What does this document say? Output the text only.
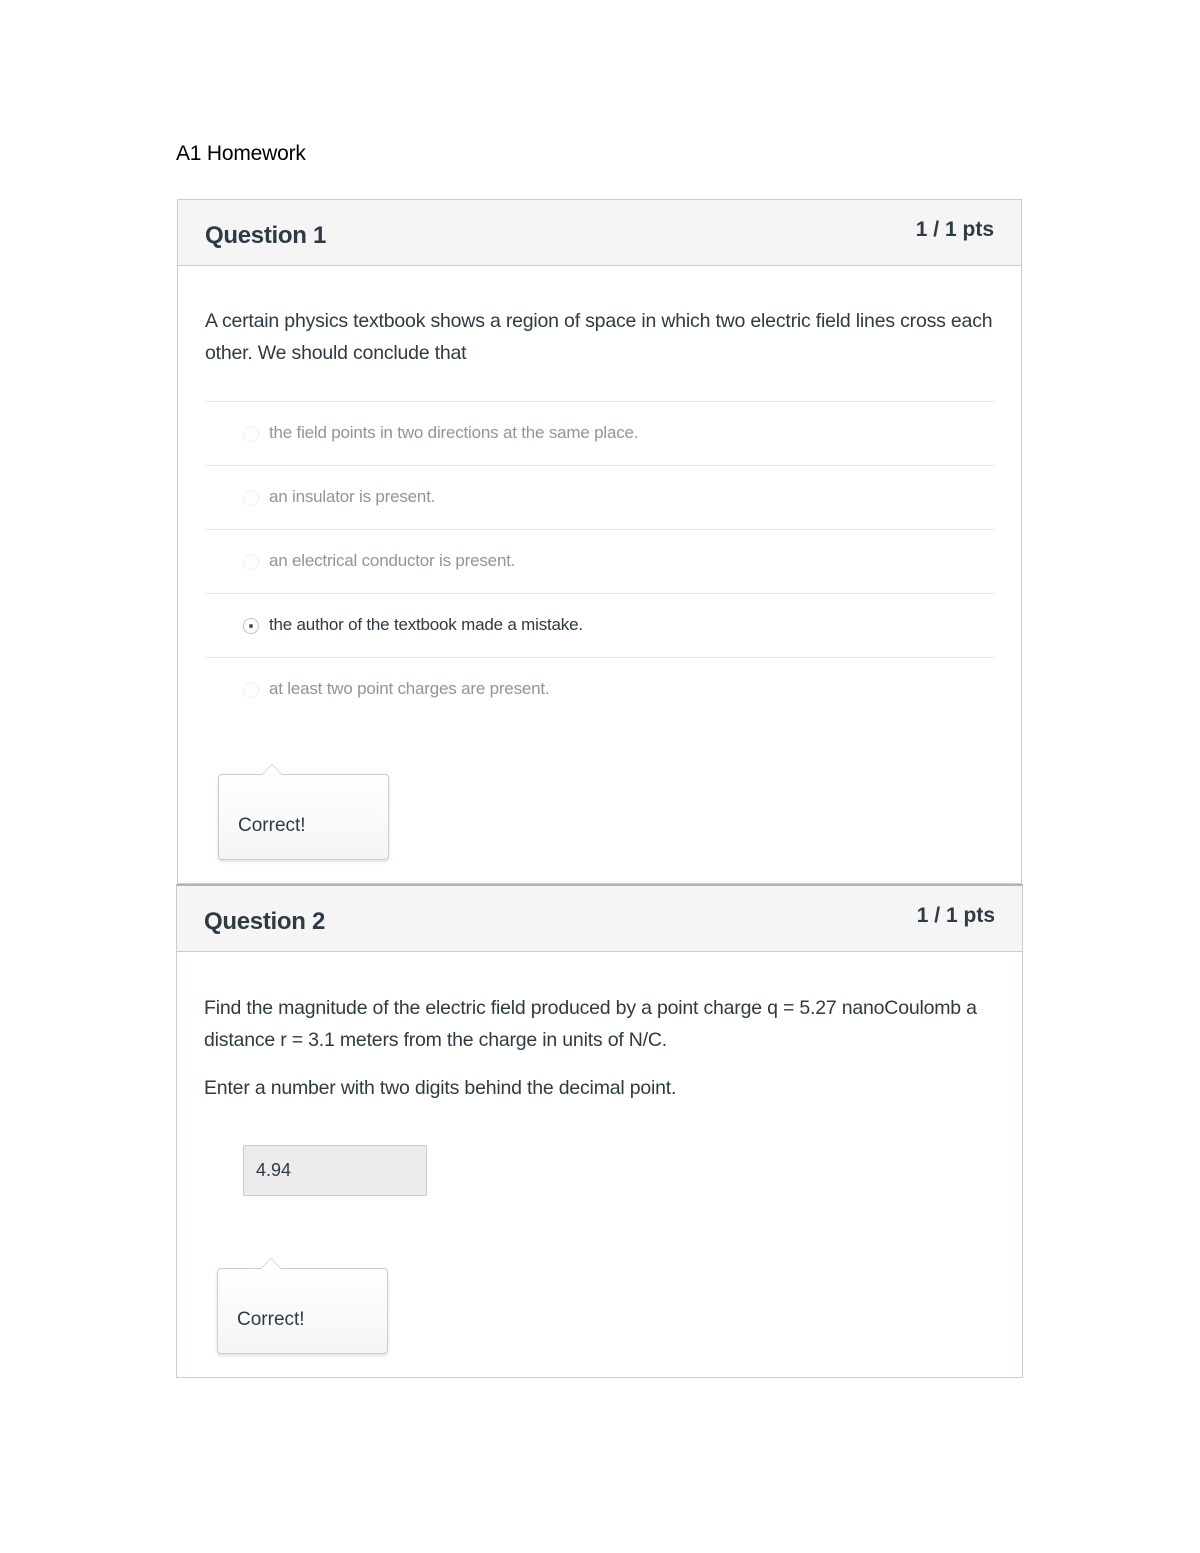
A1 Homework
Question 1	1 / 1 pts

A certain physics textbook shows a region of space in which two electric field lines cross each other. We should conclude that

the field points in two directions at the same place.
an insulator is present.
an electrical conductor is present.
the author of the textbook made a mistake.
at least two point charges are present.
Correct!
Question 2	1 / 1 pts

Find the magnitude of the electric field produced by a point charge q = 5.27 nanoCoulomb a distance r = 3.1 meters from the charge in units of N/C.

Enter a number with two digits behind the decimal point.

4.94
Correct!
